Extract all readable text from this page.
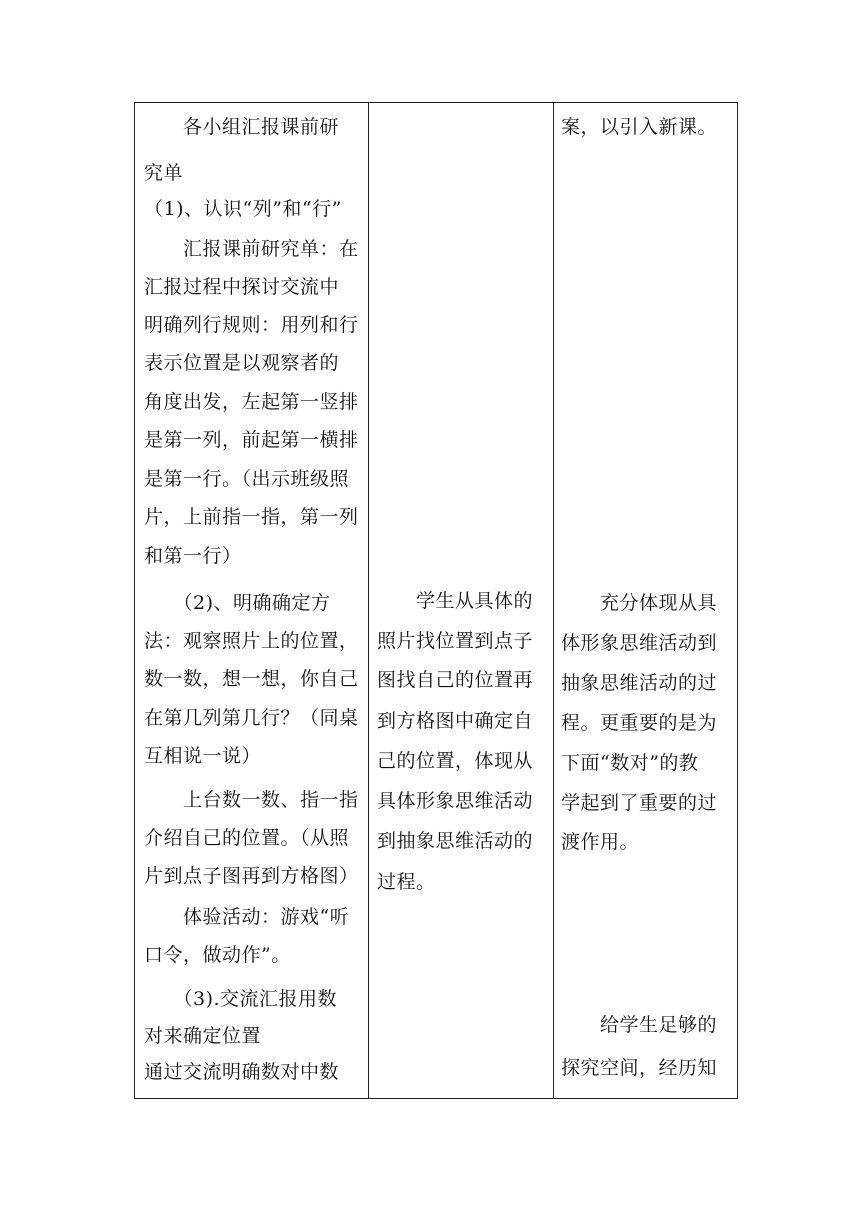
　　各小组汇报课前研
究单
（1)、认识“列”和“行”
　　汇报课前研究单：在
汇报过程中探讨交流中
明确列行规则：用列和行
表示位置是以观察者的
角度出发，左起第一竖排
是第一列，前起第一横排
是第一行。（出示班级照
片，上前指一指，第一列
和第一行）
　　（2)、明确确定方
法：观察照片上的位置，
数一数，想一想，你自己
在第几列第几行？（同桌
互相说一说）
　　上台数一数、指一指
介绍自己的位置。（从照
片到点子图再到方格图）
　　体验活动：游戏“听
口令，做动作”。
　　（3).交流汇报用数
对来确定位置
通过交流明确数对中数
　　学生从具体的
照片找位置到点子
图找自己的位置再
到方格图中确定自
己的位置，体现从
具体形象思维活动
到抽象思维活动的
过程。
案，以引入新课。
　　充分体现从具
体形象思维活动到
抽象思维活动的过
程。更重要的是为
下面“数对”的教
学起到了重要的过
渡作用。
　　给学生足够的
探究空间，经历知
